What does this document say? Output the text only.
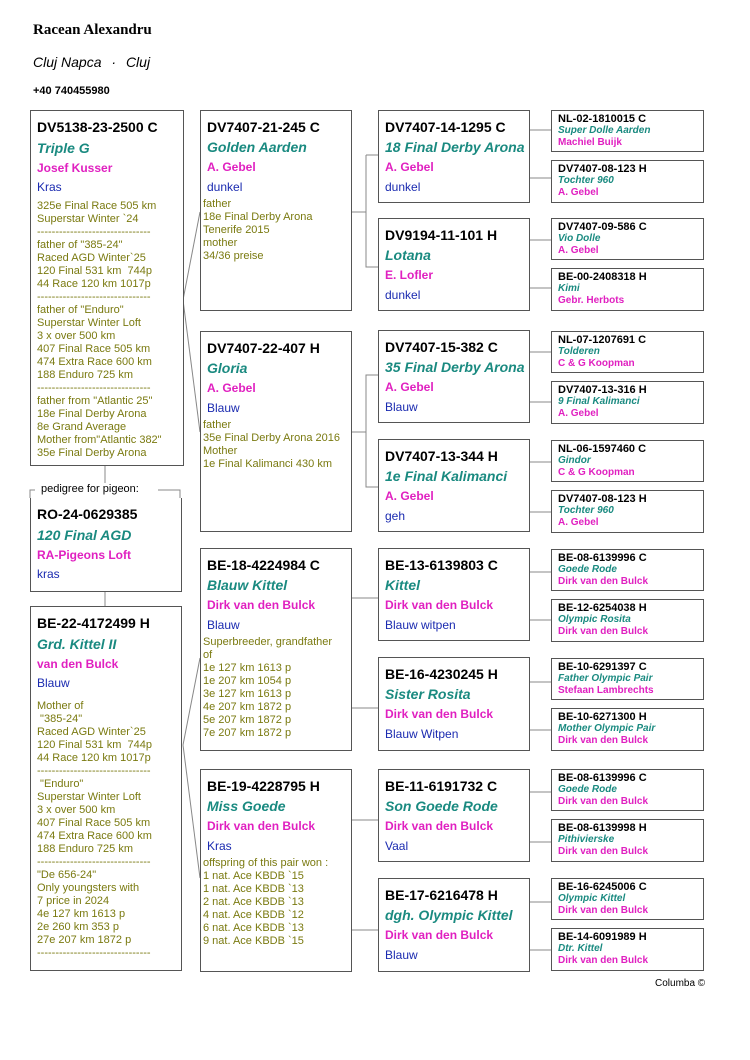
Racean Alexandru
Cluj Napca · Cluj
+40 740455980
DV5138-23-2500 C
Triple G
Josef Kusser
Kras
325e Final Race 505 km
Superstar Winter `24
-------------------------------
father of "385-24"
Raced AGD Winter`25
120 Final 531 km  744p
44 Race 120 km 1017p
-------------------------------
father of "Enduro"
Superstar Winter Loft
3 x over 500 km
407 Final Race 505 km
474 Extra Race 600 km
188 Enduro 725 km
-------------------------------
father from "Atlantic 25"
18e Final Derby Arona
8e Grand Average
Mother from"Atlantic 382"
35e Final Derby Arona
pedigree for pigeon:
RO-24-0629385
120 Final AGD
RA-Pigeons Loft
kras
BE-22-4172499 H
Grd. Kittel II
van den Bulck
Blauw
Mother of
"385-24"
Raced AGD Winter`25
120 Final 531 km  744p
44 Race 120 km 1017p
-------------------------------
"Enduro"
Superstar Winter Loft
3 x over 500 km
407 Final Race 505 km
474 Extra Race 600 km
188 Enduro 725 km
-------------------------------
"De 656-24"
Only youngsters with
7 price in 2024
4e 127 km 1613 p
2e 260 km 353 p
27e 207 km 1872 p
-------------------------------
DV7407-21-245 C
Golden Aarden
A. Gebel
dunkel
father
18e Final Derby Arona
Tenerife 2015
mother
34/36 preise
DV7407-22-407 H
Gloria
A. Gebel
Blauw
father
35e Final Derby Arona 2016
Mother
1e Final Kalimanci 430 km
BE-18-4224984 C
Blauw Kittel
Dirk van den Bulck
Blauw
Superbreeder, grandfather
of
1e 127 km 1613 p
1e 207 km 1054 p
3e 127 km 1613 p
4e 207 km 1872 p
5e 207 km 1872 p
7e 207 km 1872 p
BE-19-4228795 H
Miss Goede
Dirk van den Bulck
Kras
offspring of this pair won :
1 nat. Ace KBDB `15
1 nat. Ace KBDB `13
2 nat. Ace KBDB `13
4 nat. Ace KBDB `12
6 nat. Ace KBDB `13
9 nat. Ace KBDB `15
DV7407-14-1295 C
18 Final Derby Arona
A. Gebel
dunkel
DV9194-11-101 H
Lotana
E. Lofler
dunkel
DV7407-15-382 C
35 Final Derby Arona
A. Gebel
Blauw
DV7407-13-344 H
1e Final Kalimanci
A. Gebel
geh
BE-13-6139803 C
Kittel
Dirk van den Bulck
Blauw witpen
BE-16-4230245 H
Sister Rosita
Dirk van den Bulck
Blauw Witpen
BE-11-6191732 C
Son Goede Rode
Dirk van den Bulck
Vaal
BE-17-6216478 H
dgh. Olympic Kittel
Dirk van den Bulck
Blauw
NL-02-1810015 C
Super Dolle Aarden
Machiel Buijk
DV7407-08-123 H
Tochter 960
A. Gebel
DV7407-09-586 C
Vio Dolle
A. Gebel
BE-00-2408318 H
Kimi
Gebr. Herbots
NL-07-1207691 C
Tolderen
C & G Koopman
DV7407-13-316 H
9 Final Kalimanci
A. Gebel
NL-06-1597460 C
Gindor
C & G Koopman
DV7407-08-123 H
Tochter 960
A. Gebel
BE-08-6139996 C
Goede Rode
Dirk van den Bulck
BE-12-6254038 H
Olympic Rosita
Dirk van den Bulck
BE-10-6291397 C
Father Olympic Pair
Stefaan Lambrechts
BE-10-6271300 H
Mother Olympic Pair
Dirk van den Bulck
BE-08-6139996 C
Goede Rode
Dirk van den Bulck
BE-08-6139998 H
Pithivierske
Dirk van den Bulck
BE-16-6245006 C
Olympic Kittel
Dirk van den Bulck
BE-14-6091989 H
Dtr. Kittel
Dirk van den Bulck
Columba ©
